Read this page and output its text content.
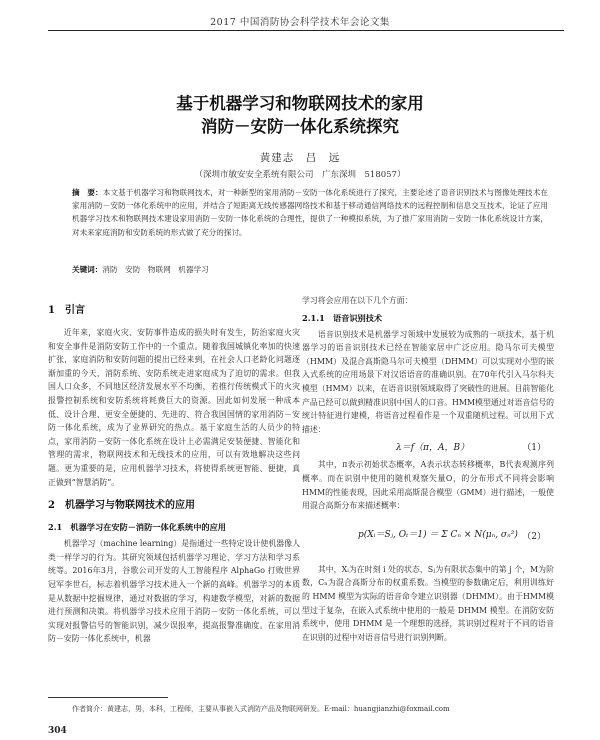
2017 中国消防协会科学技术年会论文集
基于机器学习和物联网技术的家用
消防－安防一体化系统探究
黄建志　吕　远
（深圳市敏安安全系统有限公司　广东深圳　518057）
摘　要：本文基于机器学习和物联网技术，对一种新型的家用消防－安防一体化系统进行了探究，主要论述了语音识别技术与图像处理技术在家用消防－安防一体化系统中的应用，并结合了短距离无线传感器网络技术和基于移动通信网络技术的远程控制和信息交互技术，论证了应用机器学习技术和物联网技术建设家用消防－安防一体化系统的合理性，提供了一种模拟系统，为了推广家用消防－安防一体化系统设计方案，对未来家庭消防和安防系统的形式做了充分的探讨。
关键词：消防　安防　物联网　机器学习
1　引言
近年来，家庭火灾、安防事件造成的损失时有发生，防治家庭火灾和安全事件是消防安防工作中的一个重点。随着我国城镇化率加的快速扩张，家庭消防和安防问题的提出已经来到，在社会人口老龄化问题逐渐加重的今天，消防系统、安防系统走进家庭成为了迫切的需求。但我国人口众多，不同地区经济发展水平不均衡，若推行传统模式下的火灾报警控制系统和安防系统将耗费巨大的资源。因此如何发展一种成本低、设计合理、更安全便捷的、先进的、符合我国国情的家用消防－安防一体化系统，成为了业界研究的热点。基于家庭生活的人员少的特点，家用消防－安防一体化系统在设计上必需满足安装便捷、智能化和管理的需求，物联网技术和无线技术的应用，可以有效地解决这些问题。更为重要的是，应用机器学习技术，将使得系统更智能、便捷，真正做到“智慧消防”。
2　机器学习与物联网技术的应用
2.1　机器学习在安防－消防一体化系统中的应用
机器学习（machine learning）是指通过一些特定设计使机器像人类一样学习的行为。其研究领域包括机器学习理论、学习方法和学习系统等。2016年3月，谷歌公司开发的人工智能程序 AlphaGo 打败世界冠军李世石，标志着机器学习技术进入一个新的高峰。机器学习的本质是从数据中挖掘规律，通过对数据的学习，构建数学模型，对新的数据进行预测和决策。将机器学习技术应用于消防－安防一体化系统，可以实现对报警信号的智能识别，减少误报率，提高报警准确度。在家用消防－安防一体化系统中，机器
学习将会应用在以下几个方面：
2.1.1　语音识别技术
语音识别技术是机器学习领域中发展较为成熟的一项技术，基于机器学习的语音识别技术已经在智能家居中广泛应用。隐马尔可夫模型（HMM）及混合高斯隐马尔可夫模型（DHMM）可以实现对小型的嵌入式系统的应用场景下对汉语语音的准确识别。在70年代引入马尔科夫模型（HMM）以来，在语音识别领域取得了突破性的进展。目前智能化产品已经可以做到精准识别中国人的口音。HMM模型通过对语音信号的统计特征进行建模，将语音过程看作是一个双重随机过程。可以用下式描述：
λ＝f（π，A，B）	（1）
其中，π表示初始状态概率，A表示状态转移概率，B代表观测序列概率。而在识别中使用的随机观察矢量O，的分布形式不同将会影响HMM的性能表现，因此采用高斯混合模型（GMM）进行描述，一般使用混合高斯分布来描述概率：
p(Xᵢ＝Sⱼ, Oₜ＝1) ＝ Σ Cₙ × N(μₙ, σₙ²) （2）
其中，Xᵢ为在时刻 i 处的状态，Sⱼ为有限状态集中的第 j 个，M为阶数，Cₙ为混合高斯分布的权重系数。当模型的参数确定后，利用训练好的 HMM 模型为实际的语音命令建立识别器（DHMM）。由于HMM模型过于复杂，在嵌入式系统中使用的一般是 DHMM 模型。在消防安防系统中，使用 DHMM 是一个理想的选择，其识别过程对于不同的语音在识别的过程中对语音信号进行识别判断。
作者简介：黄建志，男，本科，工程师，主要从事嵌入式消防产品及物联网研发。E-mail：huangjianzhi@foxmail.com
304
